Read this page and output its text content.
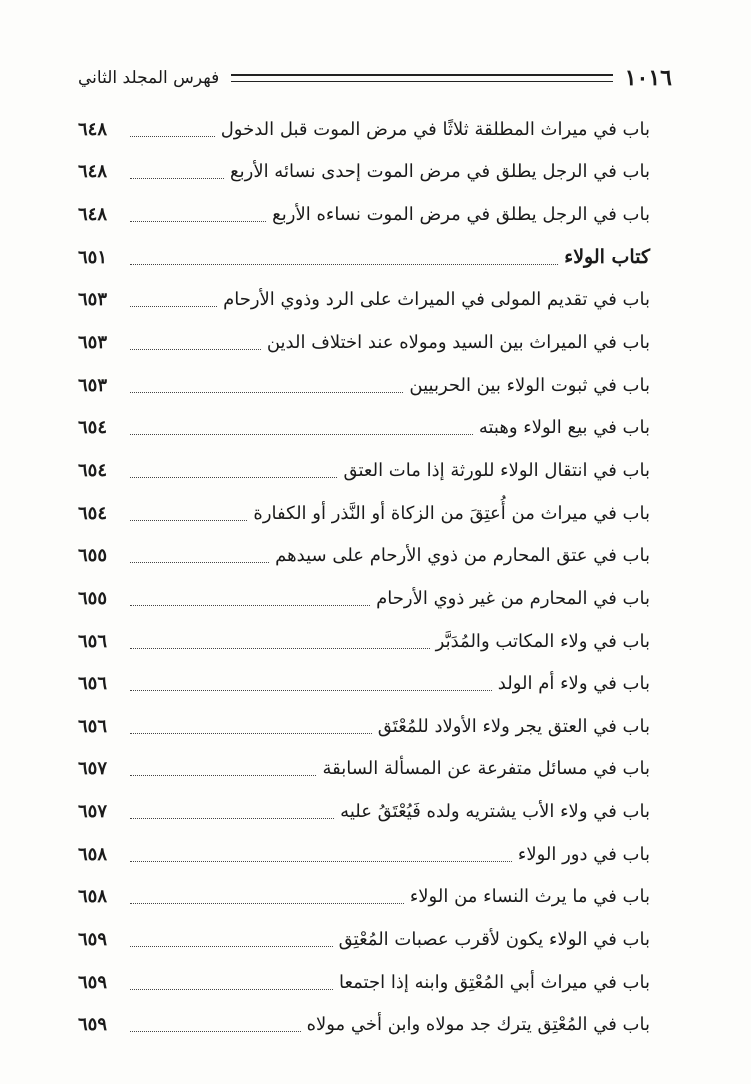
١٠١٦
فهرس المجلد الثاني
باب في ميراث المطلقة ثلاثًا في مرض الموت قبل الدخول
٦٤٨
باب في الرجل يطلق في مرض الموت إحدى نسائه الأربع
٦٤٨
باب في الرجل يطلق في مرض الموت نساءه الأربع
٦٤٨
كتاب الولاء
٦٥١
باب في تقديم المولى في الميراث على الرد وذوي الأرحام
٦٥٣
باب في الميراث بين السيد ومولاه عند اختلاف الدين
٦٥٣
باب في ثبوت الولاء بين الحربيين
٦٥٣
باب في بيع الولاء وهبته
٦٥٤
باب في انتقال الولاء للورثة إذا مات العتق
٦٥٤
باب في ميراث من أُعتِقَ من الزكاة أو النَّذر أو الكفارة
٦٥٤
باب في عتق المحارم من ذوي الأرحام على سيدهم
٦٥٥
باب في المحارم من غير ذوي الأرحام
٦٥٥
باب في ولاء المكاتب والمُدَبَّر
٦٥٦
باب في ولاء أم الولد
٦٥٦
باب في العتق يجر ولاء الأولاد للمُعْتَق
٦٥٦
باب في مسائل متفرعة عن المسألة السابقة
٦٥٧
باب في ولاء الأب يشتريه ولده فَيُعْتَقُ عليه
٦٥٧
باب في دور الولاء
٦٥٨
باب في ما يرث النساء من الولاء
٦٥٨
باب في الولاء يكون لأقرب عصبات المُعْتِق
٦٥٩
باب في ميراث أبي المُعْتِق وابنه إذا اجتمعا
٦٥٩
باب في المُعْتِق يترك جد مولاه وابن أخي مولاه
٦٥٩
